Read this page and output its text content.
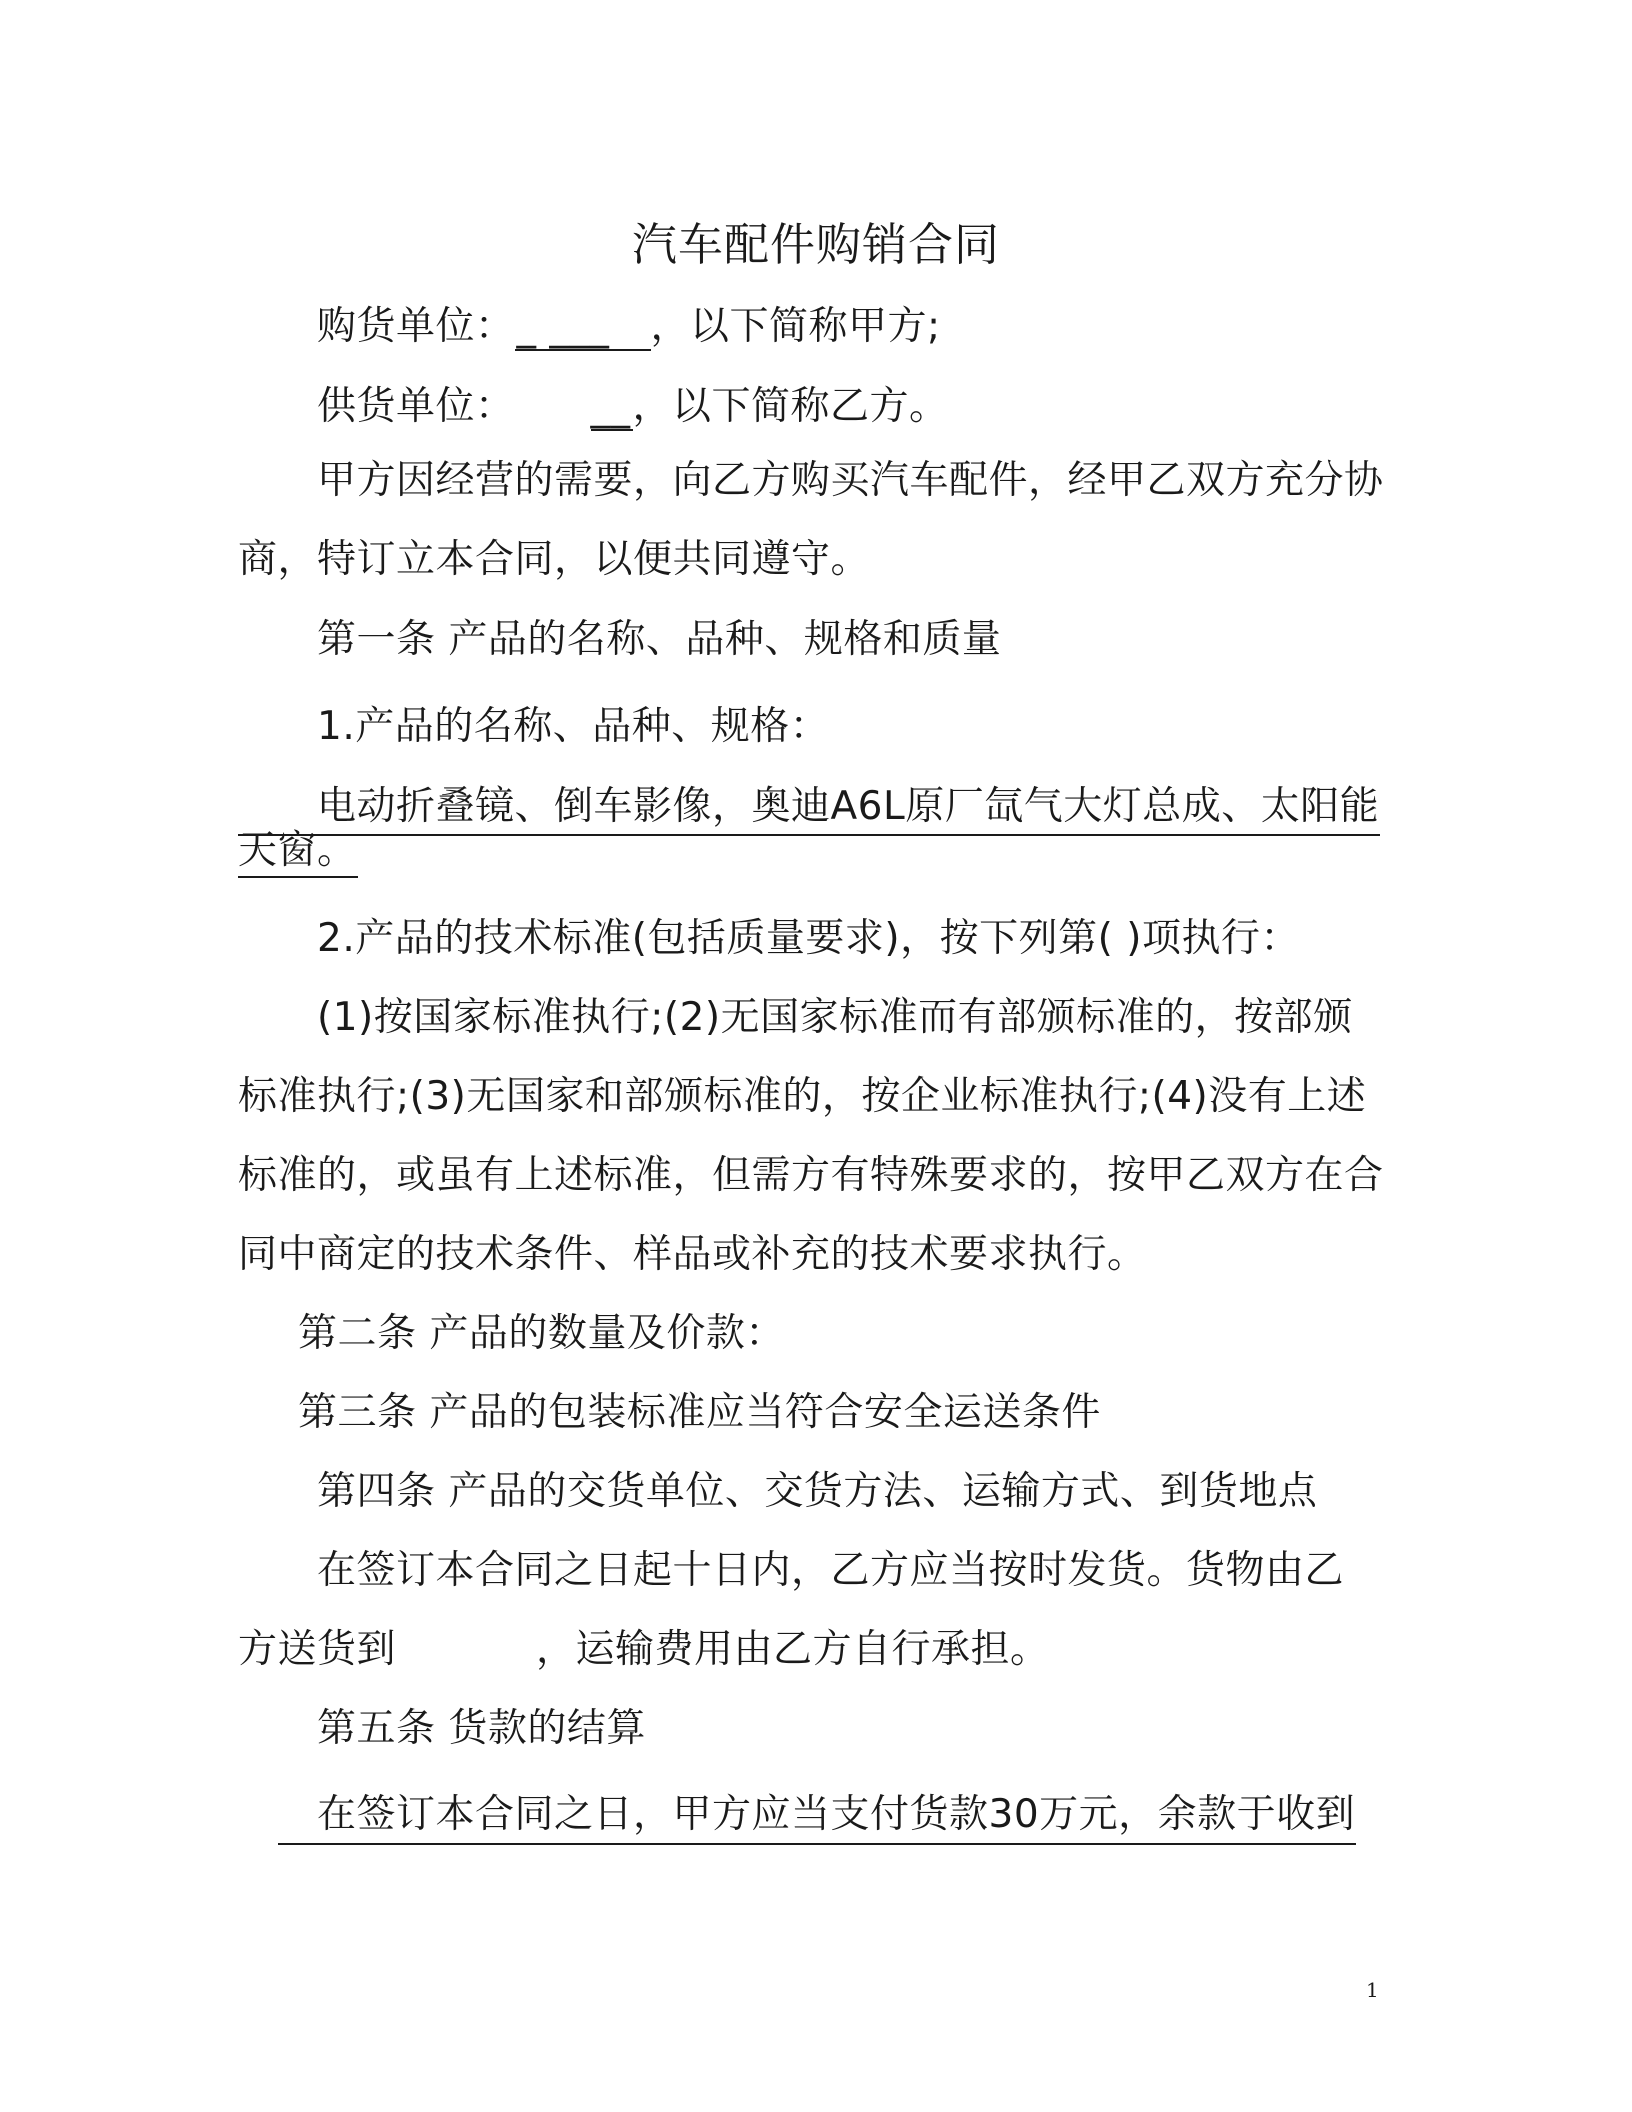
汽车配件购销合同
购货单位：_ ___ ，以下简称甲方;
供货单位： __，以下简称乙方。
甲方因经营的需要，向乙方购买汽车配件，经甲乙双方充分协
商，特订立本合同，以便共同遵守。
第一条 产品的名称、品种、规格和质量
1.产品的名称、品种、规格：
电动折叠镜、倒车影像，奥迪A6L原厂氙气大灯总成、太阳能
天窗。
2.产品的技术标准(包括质量要求)，按下列第( )项执行：
(1)按国家标准执行;(2)无国家标准而有部颁标准的，按部颁
标准执行;(3)无国家和部颁标准的，按企业标准执行;(4)没有上述
标准的，或虽有上述标准，但需方有特殊要求的，按甲乙双方在合
同中商定的技术条件、样品或补充的技术要求执行。
第二条 产品的数量及价款：
第三条 产品的包装标准应当符合安全运送条件
第四条 产品的交货单位、交货方法、运输方式、到货地点
在签订本合同之日起十日内，乙方应当按时发货。货物由乙
方送货到	，运输费用由乙方自行承担。
第五条 货款的结算
在签订本合同之日，甲方应当支付货款30万元，余款于收到
1
